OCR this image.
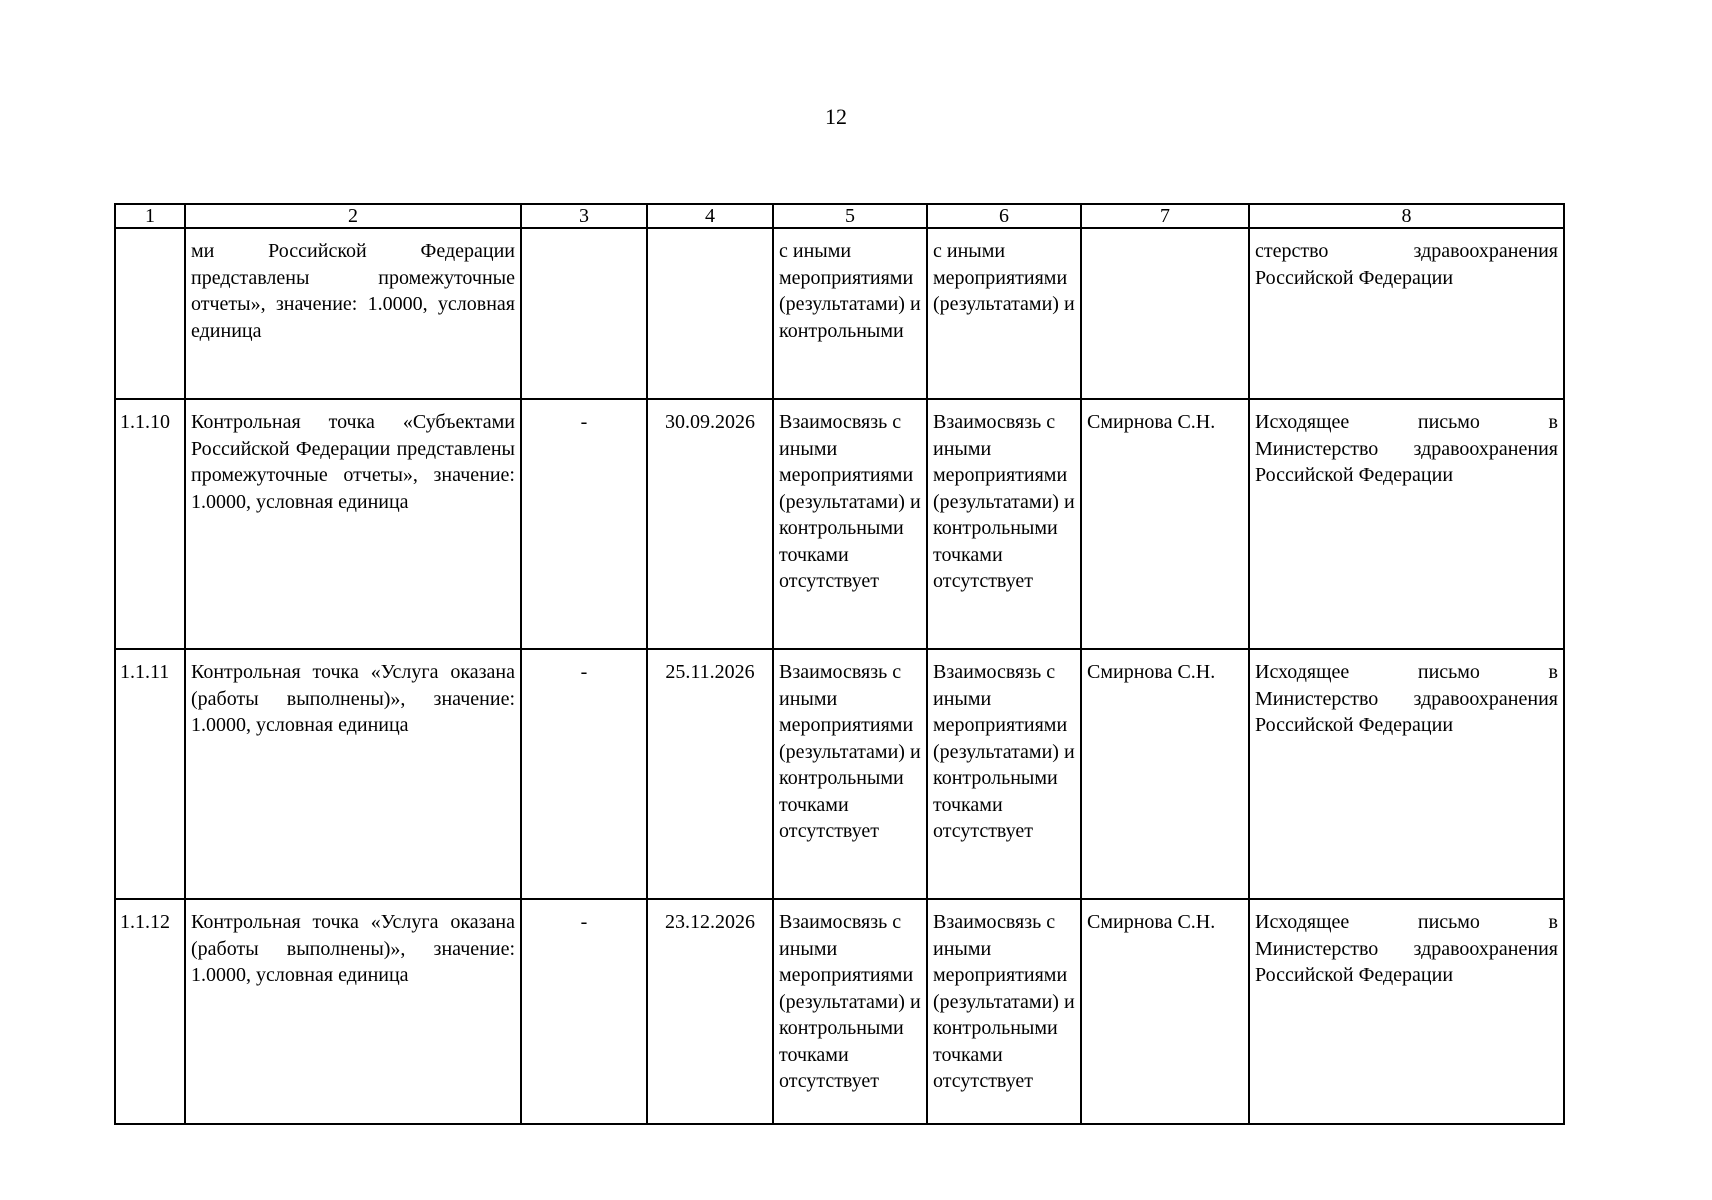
12
1	2	3	4	5	6	7	8
	ми Российской Федерации представлены промежуточные отчеты», значение: 1.0000, условная единица			с иными мероприятиями (результатами) и контрольными	с иными мероприятиями (результатами) и		стерство здравоохранения Российской Федерации
1.1.10	Контрольная точка «Субъектами Российской Федерации представлены промежуточные отчеты», значение: 1.0000, условная единица	-	30.09.2026	Взаимосвязь с иными мероприятиями (результатами) и контрольными точками отсутствует	Взаимосвязь с иными мероприятиями (результатами) и контрольными точками отсутствует	Смирнова С.Н.	Исходящее письмо в Министерство здравоохранения Российской Федерации
1.1.11	Контрольная точка «Услуга оказана (работы выполнены)», значение: 1.0000, условная единица	-	25.11.2026	Взаимосвязь с иными мероприятиями (результатами) и контрольными точками отсутствует	Взаимосвязь с иными мероприятиями (результатами) и контрольными точками отсутствует	Смирнова С.Н.	Исходящее письмо в Министерство здравоохранения Российской Федерации
1.1.12	Контрольная точка «Услуга оказана (работы выполнены)», значение: 1.0000, условная единица	-	23.12.2026	Взаимосвязь с иными мероприятиями (результатами) и контрольными точками отсутствует	Взаимосвязь с иными мероприятиями (результатами) и контрольными точками отсутствует	Смирнова С.Н.	Исходящее письмо в Министерство здравоохранения Российской Федерации
